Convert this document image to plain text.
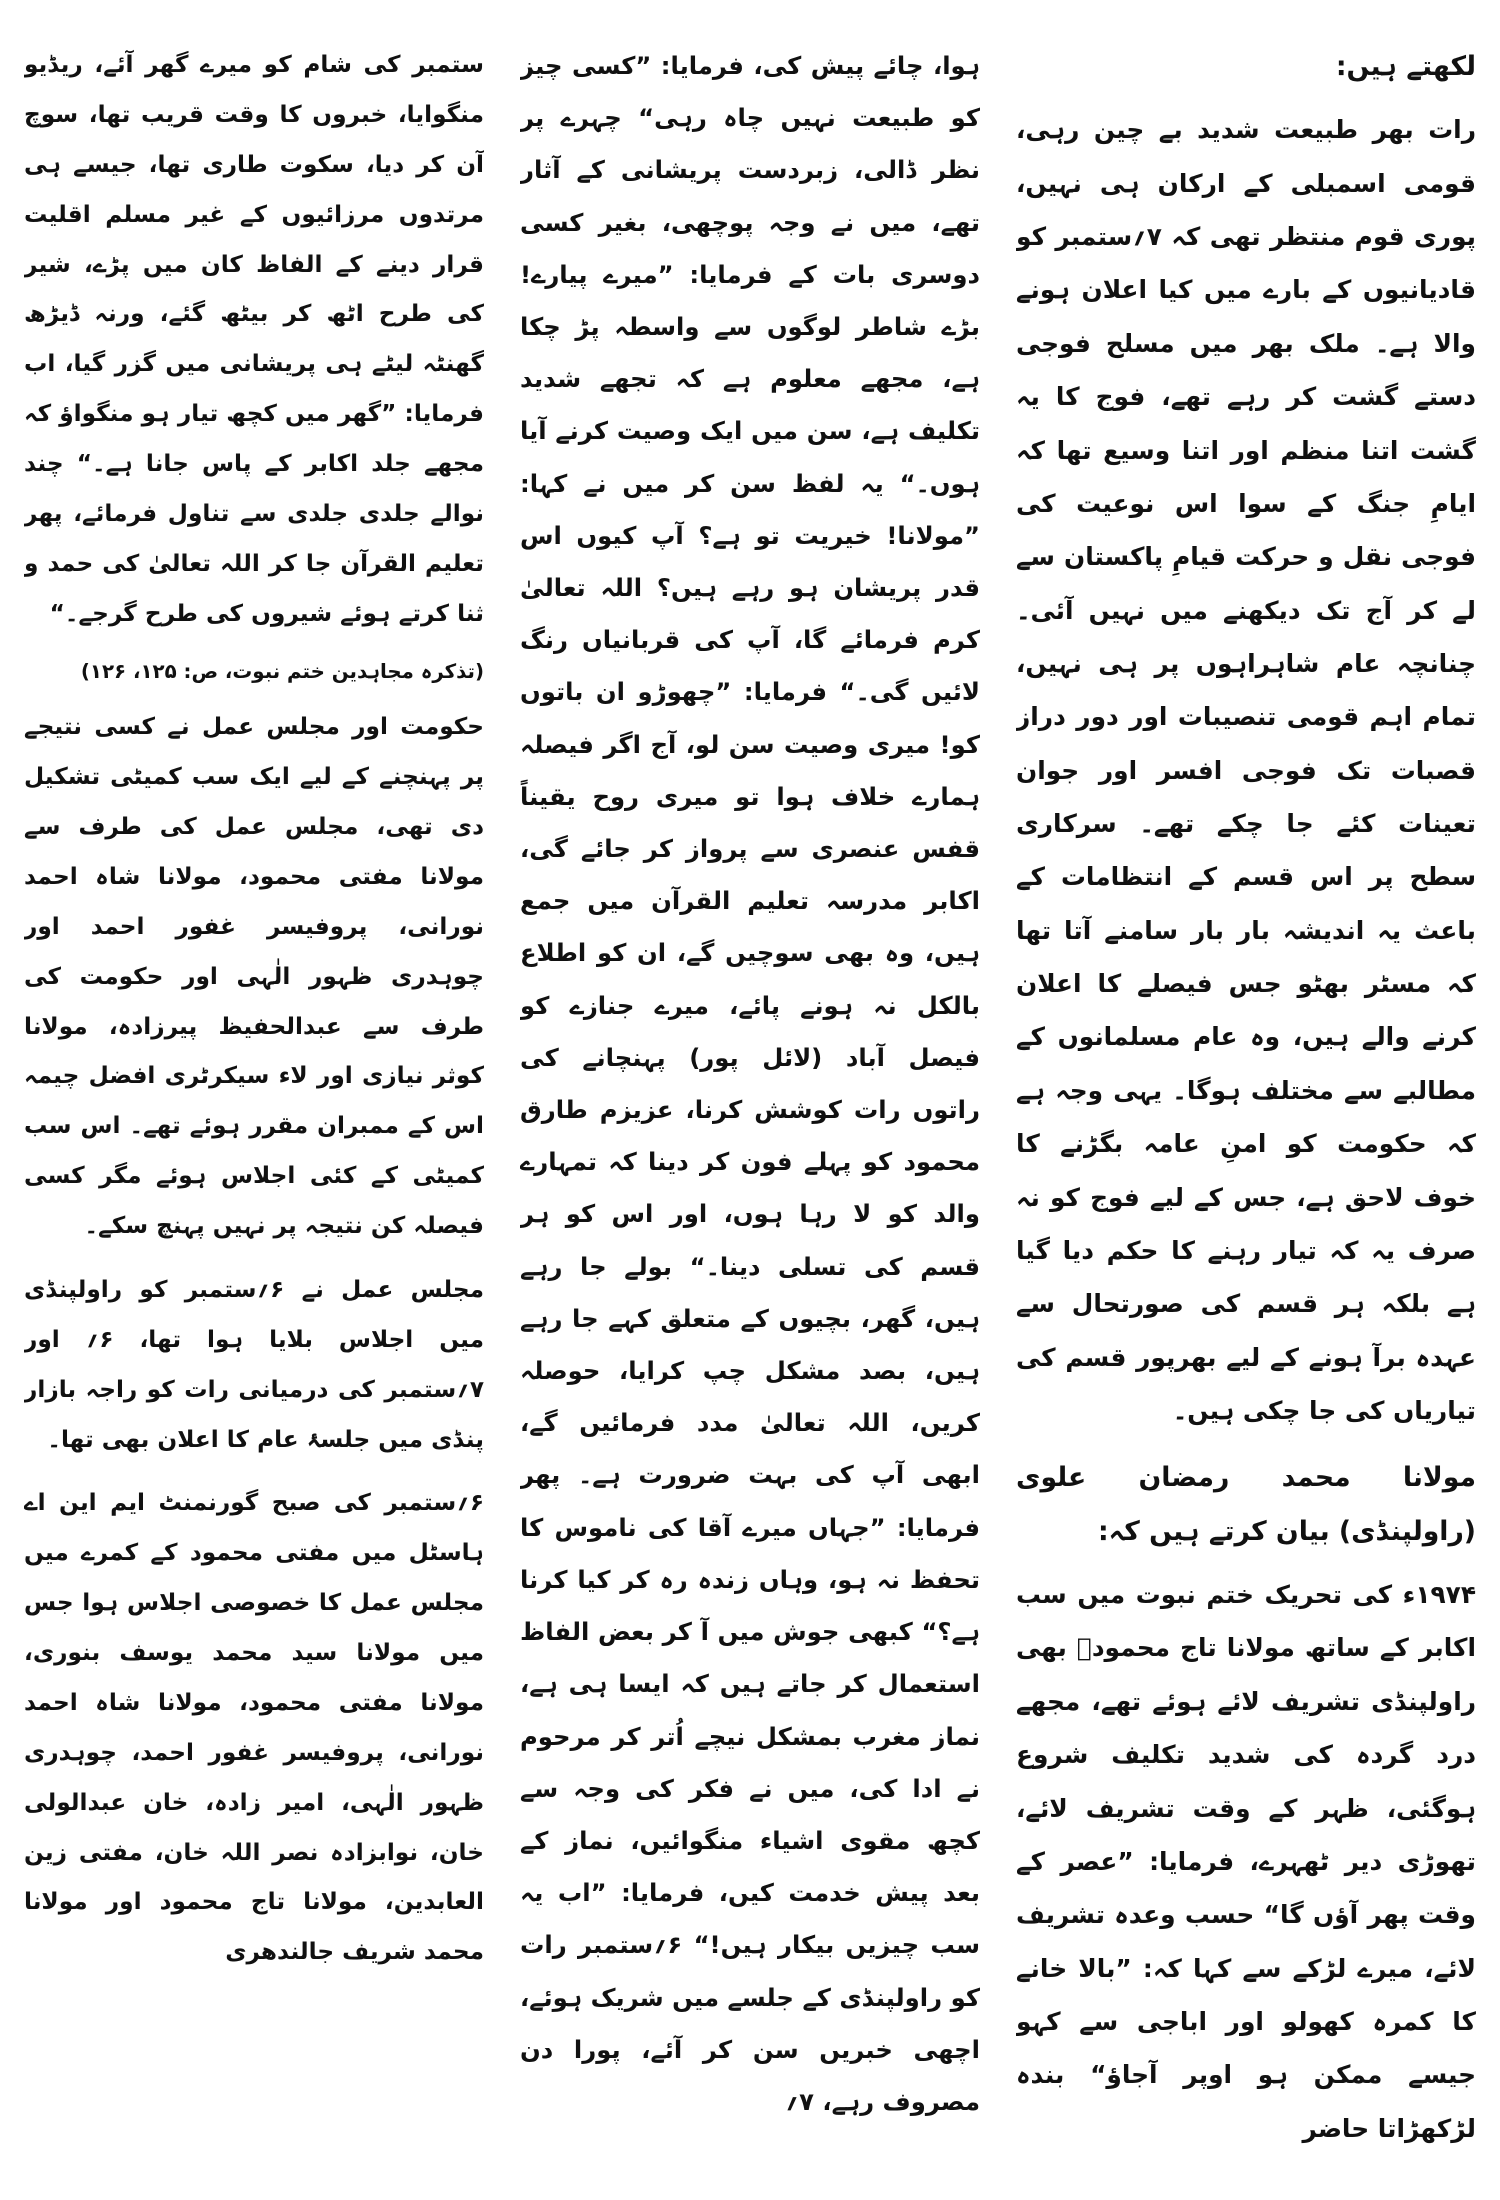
لکھتے ہیں:

رات بھر طبیعت شدید بے چین رہی، قومی اسمبلی کے ارکان ہی نہیں، پوری قوم منتظر تھی کہ ۷؍ستمبر کو قادیانیوں کے بارے میں کیا اعلان ہونے والا ہے۔ ملک بھر میں مسلح فوجی دستے گشت کر رہے تھے، فوج کا یہ گشت اتنا منظم اور اتنا وسیع تھا کہ ایامِ جنگ کے سوا اس نوعیت کی فوجی نقل و حرکت قیامِ پاکستان سے لے کر آج تک دیکھنے میں نہیں آئی۔ چنانچہ عام شاہراہوں پر ہی نہیں، تمام اہم قومی تنصیبات اور دور دراز قصبات تک فوجی افسر اور جوان تعینات کئے جا چکے تھے۔ سرکاری سطح پر اس قسم کے انتظامات کے باعث یہ اندیشہ بار بار سامنے آتا تھا کہ مسٹر بھٹو جس فیصلے کا اعلان کرنے والے ہیں، وہ عام مسلمانوں کے مطالبے سے مختلف ہوگا۔ یہی وجہ ہے کہ حکومت کو امنِ عامہ بگڑنے کا خوف لاحق ہے، جس کے لیے فوج کو نہ صرف یہ کہ تیار رہنے کا حکم دیا گیا ہے بلکہ ہر قسم کی صورتحال سے عہدہ برآ ہونے کے لیے بھرپور قسم کی تیاریاں کی جا چکی ہیں۔

مولانا محمد رمضان علوی (راولپنڈی) بیان کرتے ہیں کہ:

۱۹۷۴ء کی تحریک ختم نبوت میں سب اکابر کے ساتھ مولانا تاج محمودؒ بھی راولپنڈی تشریف لائے ہوئے تھے، مجھے درد گردہ کی شدید تکلیف شروع ہوگئی، ظہر کے وقت تشریف لائے، تھوڑی دیر ٹھہرے، فرمایا: ”عصر کے وقت پھر آؤں گا“ حسب وعدہ تشریف لائے، میرے لڑکے سے کہا کہ: ”بالا خانے کا کمرہ کھولو اور اباجی سے کہو جیسے ممکن ہو اوپر آجاؤ“ بندہ لڑکھڑاتا حاضر

ہوا، چائے پیش کی، فرمایا: ”کسی چیز کو طبیعت نہیں چاہ رہی“ چہرے پر نظر ڈالی، زبردست پریشانی کے آثار تھے، میں نے وجہ پوچھی، بغیر کسی دوسری بات کے فرمایا: ”میرے پیارے! بڑے شاطر لوگوں سے واسطہ پڑ چکا ہے، مجھے معلوم ہے کہ تجھے شدید تکلیف ہے، سن میں ایک وصیت کرنے آیا ہوں۔“ یہ لفظ سن کر میں نے کہا: ”مولانا! خیریت تو ہے؟ آپ کیوں اس قدر پریشان ہو رہے ہیں؟ اللہ تعالیٰ کرم فرمائے گا، آپ کی قربانیاں رنگ لائیں گی۔“ فرمایا: ”چھوڑو ان باتوں کو! میری وصیت سن لو، آج اگر فیصلہ ہمارے خلاف ہوا تو میری روح یقیناً قفس عنصری سے پرواز کر جائے گی، اکابر مدرسہ تعلیم القرآن میں جمع ہیں، وہ بھی سوچیں گے، ان کو اطلاع بالکل نہ ہونے پائے، میرے جنازے کو فیصل آباد (لائل پور) پہنچانے کی راتوں رات کوشش کرنا، عزیزم طارق محمود کو پہلے فون کر دینا کہ تمہارے والد کو لا رہا ہوں، اور اس کو ہر قسم کی تسلی دینا۔“ بولے جا رہے ہیں، گھر، بچیوں کے متعلق کہے جا رہے ہیں، بصد مشکل چپ کرایا، حوصلہ کریں، اللہ تعالیٰ مدد فرمائیں گے، ابھی آپ کی بہت ضرورت ہے۔ پھر فرمایا: ”جہاں میرے آقا کی ناموس کا تحفظ نہ ہو، وہاں زندہ رہ کر کیا کرنا ہے؟“ کبھی جوش میں آ کر بعض الفاظ استعمال کر جاتے ہیں کہ ایسا ہی ہے، نماز مغرب بمشکل نیچے اُتر کر مرحوم نے ادا کی، میں نے فکر کی وجہ سے کچھ مقوی اشیاء منگوائیں، نماز کے بعد پیش خدمت کیں، فرمایا: ”اب یہ سب چیزیں بیکار ہیں!“ ۶؍ستمبر رات کو راولپنڈی کے جلسے میں شریک ہوئے، اچھی خبریں سن کر آئے، پورا دن مصروف رہے، ۷؍

ستمبر کی شام کو میرے گھر آئے، ریڈیو منگوایا، خبروں کا وقت قریب تھا، سوچ آن کر دیا، سکوت طاری تھا، جیسے ہی مرتدوں مرزائیوں کے غیر مسلم اقلیت قرار دینے کے الفاظ کان میں پڑے، شیر کی طرح اٹھ کر بیٹھ گئے، ورنہ ڈیڑھ گھنٹہ لیٹے ہی پریشانی میں گزر گیا، اب فرمایا: ”گھر میں کچھ تیار ہو منگواؤ کہ مجھے جلد اکابر کے پاس جانا ہے۔“ چند نوالے جلدی جلدی سے تناول فرمائے، پھر تعلیم القرآن جا کر اللہ تعالیٰ کی حمد و ثنا کرتے ہوئے شیروں کی طرح گرجے۔“

(تذکرہ مجاہدین ختم نبوت، ص: ۱۲۵، ۱۲۶)

حکومت اور مجلس عمل نے کسی نتیجے پر پہنچنے کے لیے ایک سب کمیٹی تشکیل دی تھی، مجلس عمل کی طرف سے مولانا مفتی محمود، مولانا شاہ احمد نورانی، پروفیسر غفور احمد اور چوہدری ظہور الٰہی اور حکومت کی طرف سے عبدالحفیظ پیرزادہ، مولانا کوثر نیازی اور لاء سیکرٹری افضل چیمہ اس کے ممبران مقرر ہوئے تھے۔ اس سب کمیٹی کے کئی اجلاس ہوئے مگر کسی فیصلہ کن نتیجہ پر نہیں پہنچ سکے۔

مجلس عمل نے ۶؍ستمبر کو راولپنڈی میں اجلاس بلایا ہوا تھا، ۶؍ اور ۷؍ستمبر کی درمیانی رات کو راجہ بازار پنڈی میں جلسۂ عام کا اعلان بھی تھا۔

۶؍ستمبر کی صبح گورنمنٹ ایم این اے ہاسٹل میں مفتی محمود کے کمرے میں مجلس عمل کا خصوصی اجلاس ہوا جس میں مولانا سید محمد یوسف بنوری، مولانا مفتی محمود، مولانا شاہ احمد نورانی، پروفیسر غفور احمد، چوہدری ظہور الٰہی، امیر زادہ، خان عبدالولی خان، نوابزادہ نصر اللہ خان، مفتی زین العابدین، مولانا تاج محمود اور مولانا محمد شریف جالندھری
